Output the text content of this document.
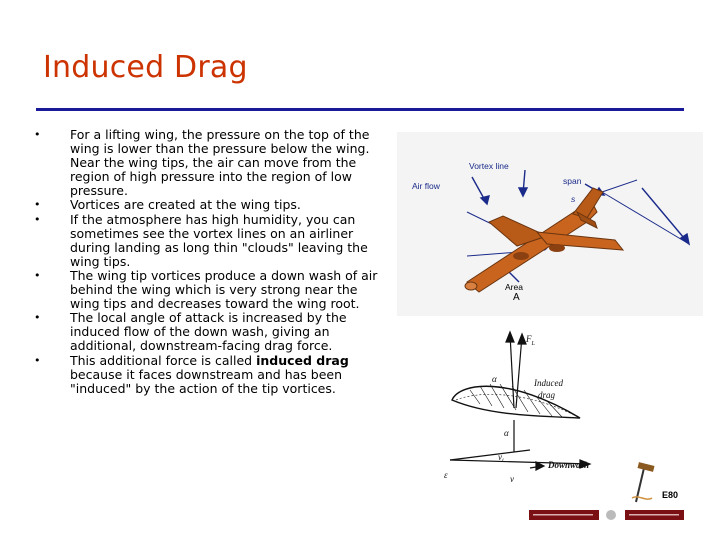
Induced Drag
• For a lifting wing, the pressure on the top of the wing is lower than the pressure below the wing. Near the wing tips, the air can move from the region of high pressure into the region of low pressure.
• Vortices are created at the wing tips.
• If the atmosphere has high humidity, you can sometimes see the vortex lines on an airliner during landing as long thin "clouds" leaving the wing tips.
• The wing tip vortices produce a down wash of air behind the wing which is very strong near the wing tips and decreases toward the wing root.
• The local angle of attack is increased by the induced flow of the down wash, giving an additional, downstream-facing drag force.
• This additional force is called induced drag because it faces downstream and has been "induced" by the action of the tip vortices.
Vortex line
Air flow	span
s
Area
A
$F_L$
α	Induced
drag
α
$v_i$	Downwash
ε	v
E80
